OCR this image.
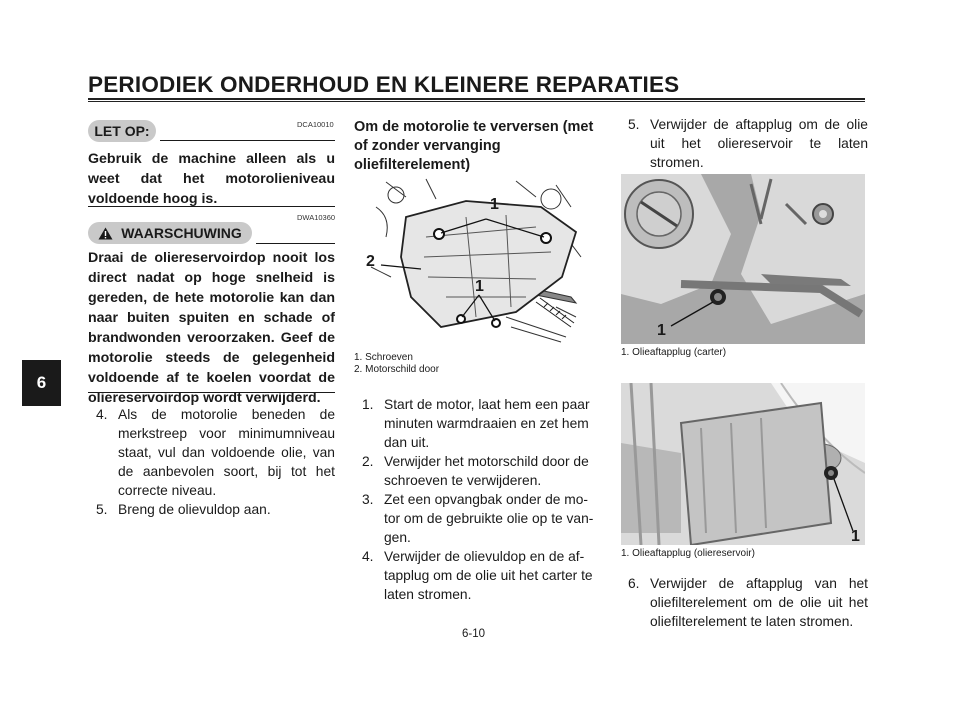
PERIODIEK ONDERHOUD EN KLEINERE REPARATIES
6
LET OP:	DCA10010
Gebruik de machine alleen als u weet dat het motorolieniveau voldoende hoog is.
DWA10360
WAARSCHUWING
Draai de oliereservoirdop nooit los direct nadat op hoge snelheid is gereden, de hete motorolie kan dan naar buiten spuiten en schade of brandwonden veroorzaken. Geef de motorolie steeds de gelegenheid voldoende af te koelen voordat de oliereservoirdop wordt verwijderd.
4. Als de motorolie beneden de merkstreep voor minimumniveau staat, vul dan voldoende olie, van de aanbevolen soort, bij tot het correcte niveau.
5. Breng de olievuldop aan.
Om de motorolie te verversen (met of zonder vervanging oliefilterelement)
1
2
1
1. Schroeven
2. Motorschild door
1. Start de motor, laat hem een paar minuten warmdraaien en zet hem dan uit.
2. Verwijder het motorschild door de schroeven te verwijderen.
3. Zet een opvangbak onder de mo-tor om de gebruikte olie op te van-gen.
4. Verwijder de olievuldop en de af-tapplug om de olie uit het carter te laten stromen.
5. Verwijder de aftapplug om de olie uit het oliereservoir te laten stromen.
1
1. Olieaftapplug (carter)
1
1. Olieaftapplug (oliereservoir)
6. Verwijder de aftapplug van het oliefilterelement om de olie uit het oliefilterelement te laten stromen.
6-10
